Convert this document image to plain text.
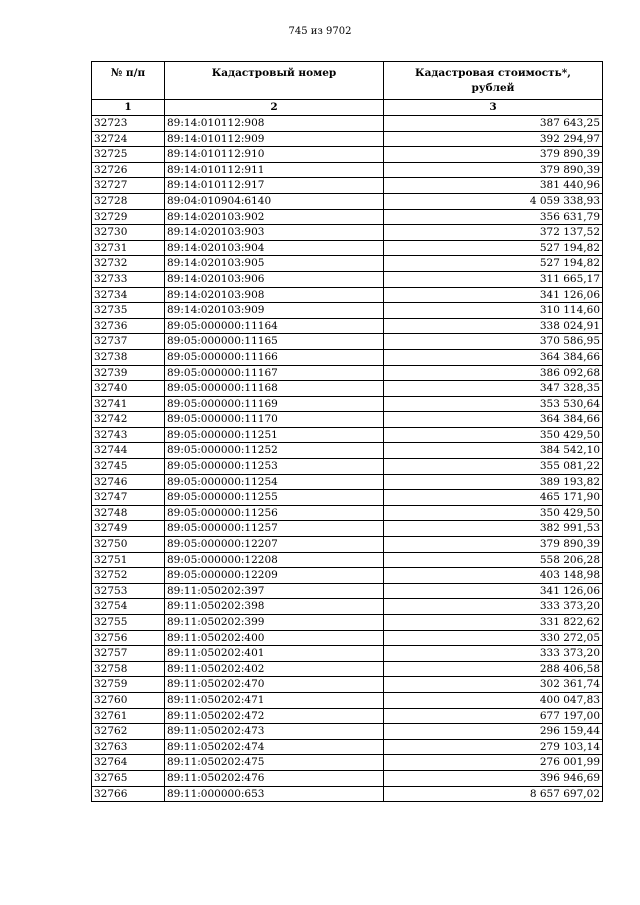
745 из 9702
№ п/п	Кадастровый номер	Кадастровая стоимость*,
рублей
1	2	3
32723	89:14:010112:908	387 643,25
32724	89:14:010112:909	392 294,97
32725	89:14:010112:910	379 890,39
32726	89:14:010112:911	379 890,39
32727	89:14:010112:917	381 440,96
32728	89:04:010904:6140	4 059 338,93
32729	89:14:020103:902	356 631,79
32730	89:14:020103:903	372 137,52
32731	89:14:020103:904	527 194,82
32732	89:14:020103:905	527 194,82
32733	89:14:020103:906	311 665,17
32734	89:14:020103:908	341 126,06
32735	89:14:020103:909	310 114,60
32736	89:05:000000:11164	338 024,91
32737	89:05:000000:11165	370 586,95
32738	89:05:000000:11166	364 384,66
32739	89:05:000000:11167	386 092,68
32740	89:05:000000:11168	347 328,35
32741	89:05:000000:11169	353 530,64
32742	89:05:000000:11170	364 384,66
32743	89:05:000000:11251	350 429,50
32744	89:05:000000:11252	384 542,10
32745	89:05:000000:11253	355 081,22
32746	89:05:000000:11254	389 193,82
32747	89:05:000000:11255	465 171,90
32748	89:05:000000:11256	350 429,50
32749	89:05:000000:11257	382 991,53
32750	89:05:000000:12207	379 890,39
32751	89:05:000000:12208	558 206,28
32752	89:05:000000:12209	403 148,98
32753	89:11:050202:397	341 126,06
32754	89:11:050202:398	333 373,20
32755	89:11:050202:399	331 822,62
32756	89:11:050202:400	330 272,05
32757	89:11:050202:401	333 373,20
32758	89:11:050202:402	288 406,58
32759	89:11:050202:470	302 361,74
32760	89:11:050202:471	400 047,83
32761	89:11:050202:472	677 197,00
32762	89:11:050202:473	296 159,44
32763	89:11:050202:474	279 103,14
32764	89:11:050202:475	276 001,99
32765	89:11:050202:476	396 946,69
32766	89:11:000000:653	8 657 697,02
